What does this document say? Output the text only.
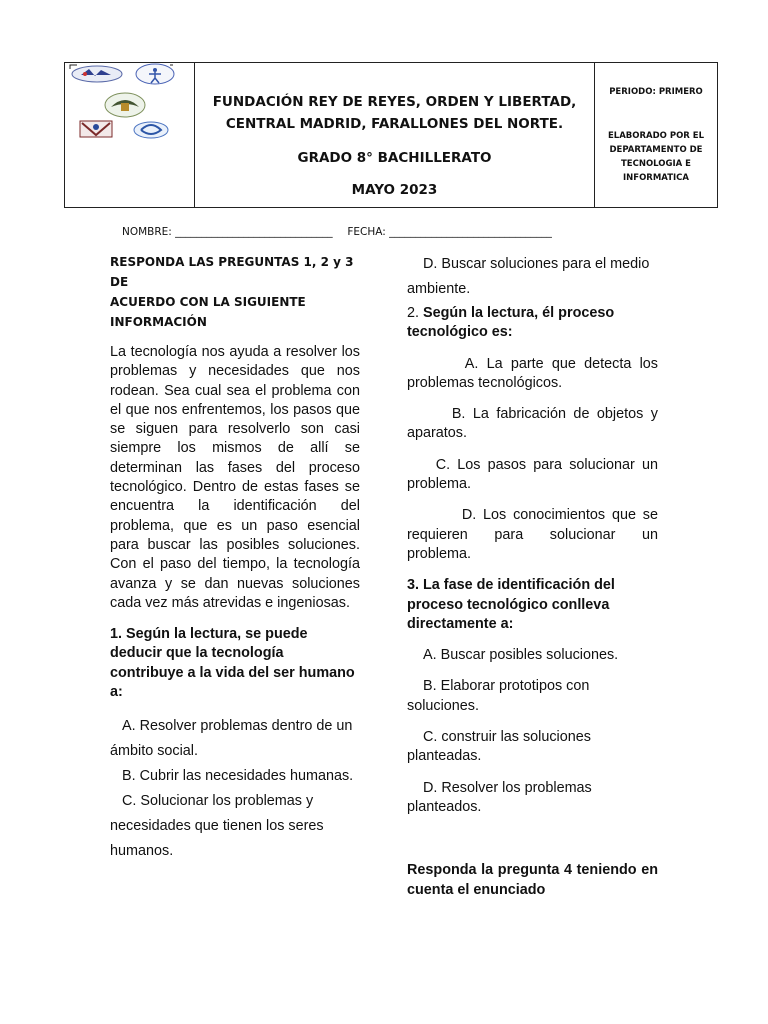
FUNDACIÓN REY DE REYES, ORDEN Y LIBERTAD,
CENTRAL MADRID, FARALLONES DEL NORTE.
GRADO 8° BACHILLERATO
MAYO 2023
PERIODO: PRIMERO
ELABORADO POR EL
DEPARTAMENTO DE
TECNOLOGIA E
INFORMATICA
NOMBRE: ______________________________ FECHA: _______________________________

RESPONDA LAS PREGUNTAS 1, 2 y 3 DE

ACUERDO CON LA SIGUIENTE

INFORMACIÓN

La tecnología nos ayuda a resolver los problemas y necesidades que nos rodean. Sea cual sea el problema con el que nos enfrentemos, los pasos que se siguen para resolverlo son casi siempre los mismos de allí se determinan las fases del proceso tecnológico. Dentro de estas fases se encuentra la identificación del problema, que es un paso esencial para buscar las posibles soluciones. Con el paso del tiempo, la tecnología avanza y se dan nuevas soluciones cada vez más atrevidas e ingeniosas.

1. Según la lectura, se puede deducir que la tecnología contribuye a la vida del ser humano a:

A. Resolver problemas dentro de un ámbito social.

B. Cubrir las necesidades humanas.

C. Solucionar los problemas y necesidades que tienen los seres humanos.

D. Buscar soluciones para el medio ambiente.

2. Según la lectura, él proceso tecnológico es:

A. La parte que detecta los problemas tecnológicos.

B. La fabricación de objetos y aparatos.

C. Los pasos para solucionar un problema.

D. Los conocimientos que se requieren para solucionar un problema.

3. La fase de identificación del proceso tecnológico conlleva directamente a:

A. Buscar posibles soluciones.

B. Elaborar prototipos con soluciones.

C. construir las soluciones planteadas.

D. Resolver los problemas planteados.

Responda la pregunta 4 teniendo en cuenta el enunciado
